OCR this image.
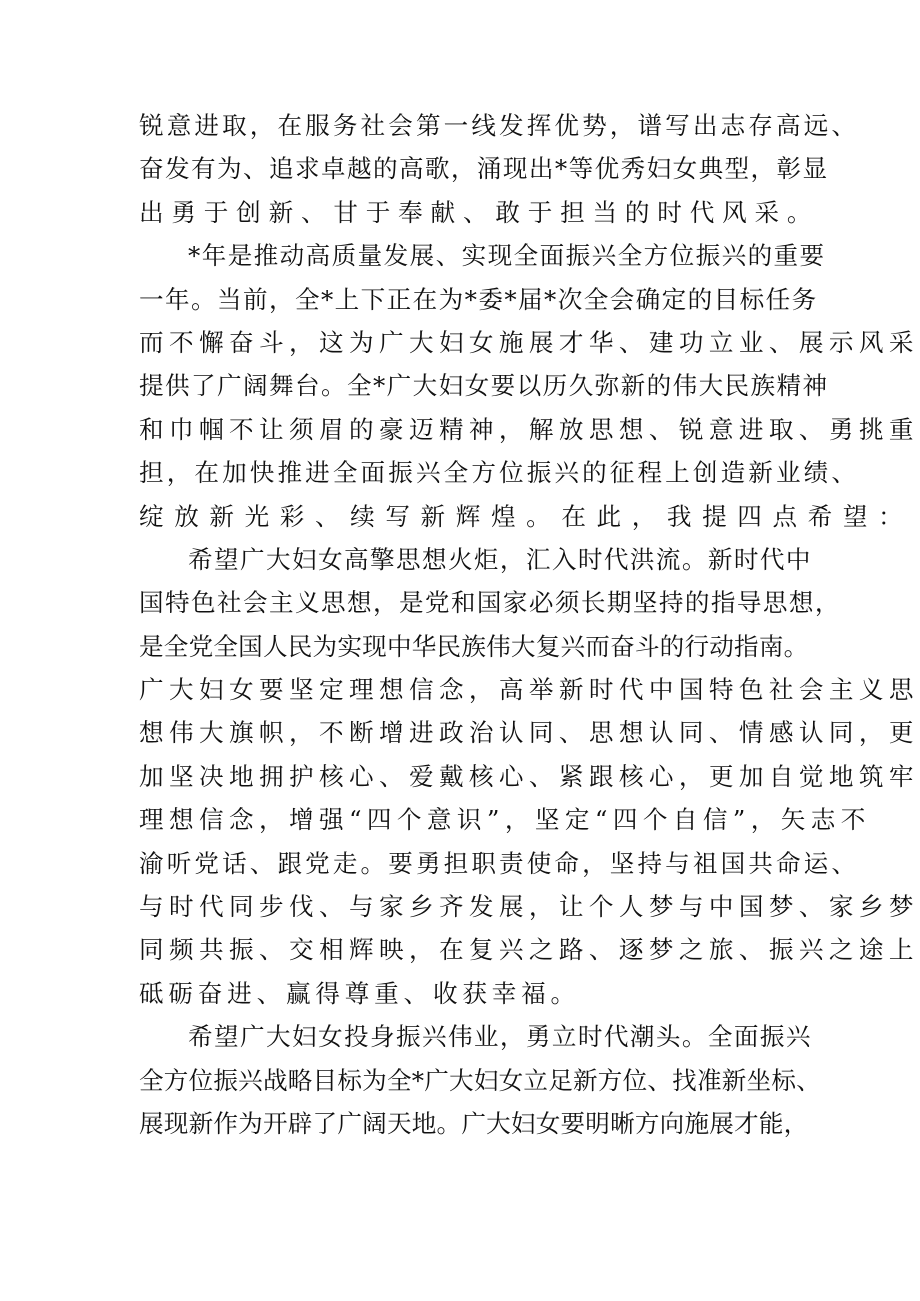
锐意进取，在服务社会第一线发挥优势，谱写出志存高远、
奋发有为、追求卓越的高歌，涌现出*等优秀妇女典型，彰显
出勇于创新、甘于奉献、敢于担当的时代风采。
*年是推动高质量发展、实现全面振兴全方位振兴的重要
一年。当前，全*上下正在为*委*届*次全会确定的目标任务
而不懈奋斗，这为广大妇女施展才华、建功立业、展示风采
提供了广阔舞台。全*广大妇女要以历久弥新的伟大民族精神
和巾帼不让须眉的豪迈精神，解放思想、锐意进取、勇挑重
担，在加快推进全面振兴全方位振兴的征程上创造新业绩、
绽放新光彩、续写新辉煌。在此，我提四点希望：
希望广大妇女高擎思想火炬，汇入时代洪流。新时代中
国特色社会主义思想，是党和国家必须长期坚持的指导思想，
是全党全国人民为实现中华民族伟大复兴而奋斗的行动指南。
广大妇女要坚定理想信念，高举新时代中国特色社会主义思
想伟大旗帜，不断增进政治认同、思想认同、情感认同，更
加坚决地拥护核心、爱戴核心、紧跟核心，更加自觉地筑牢
理想信念，增强“四个意识”，坚定“四个自信”，矢志不
渝听党话、跟党走。要勇担职责使命，坚持与祖国共命运、
与时代同步伐、与家乡齐发展，让个人梦与中国梦、家乡梦
同频共振、交相辉映，在复兴之路、逐梦之旅、振兴之途上
砥砺奋进、赢得尊重、收获幸福。
希望广大妇女投身振兴伟业，勇立时代潮头。全面振兴
全方位振兴战略目标为全*广大妇女立足新方位、找准新坐标、
展现新作为开辟了广阔天地。广大妇女要明晰方向施展才能，
